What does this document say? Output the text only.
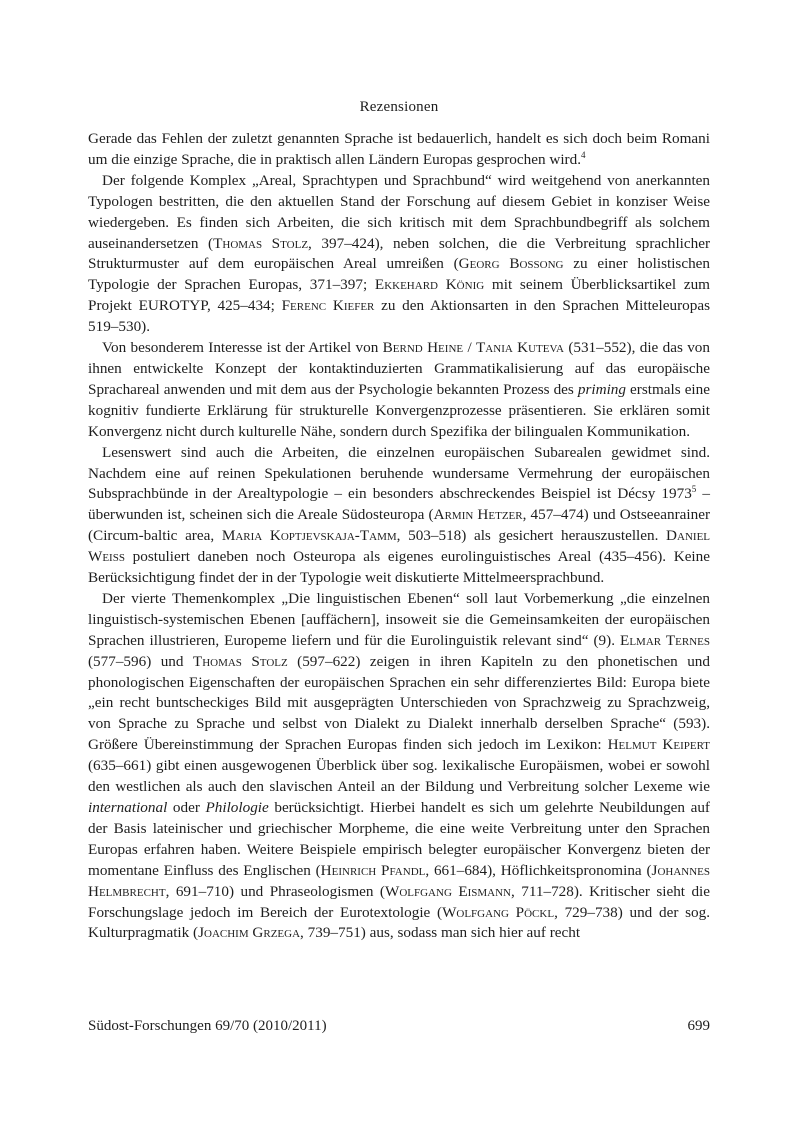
Rezensionen

Gerade das Fehlen der zuletzt genannten Sprache ist bedauerlich, handelt es sich doch beim Romani um die einzige Sprache, die in praktisch allen Ländern Europas gesprochen wird.$^4$

Der folgende Komplex „Areal, Sprachtypen und Sprachbund“ wird weitgehend von anerkannten Typologen bestritten, die den aktuellen Stand der Forschung auf diesem Gebiet in konziser Weise wiedergeben. Es finden sich Arbeiten, die sich kritisch mit dem Sprachbundbegriff als solchem auseinandersetzen (Thomas Stolz, 397–424), neben solchen, die die Verbreitung sprachlicher Strukturmuster auf dem europäischen Areal umreißen (Georg Bossong zu einer holistischen Typologie der Sprachen Europas, 371–397; Ekkehard König mit seinem Überblicksartikel zum Projekt EUROTYP, 425–434; Ferenc Kiefer zu den Aktionsarten in den Sprachen Mitteleuropas 519–530).

Von besonderem Interesse ist der Artikel von Bernd Heine / Tania Kuteva (531–552), die das von ihnen entwickelte Konzept der kontaktinduzierten Grammatikalisierung auf das europäische Sprachareal anwenden und mit dem aus der Psychologie bekannten Prozess des priming erstmals eine kognitiv fundierte Erklärung für strukturelle Konvergenzprozesse präsentieren. Sie erklären somit Konvergenz nicht durch kulturelle Nähe, sondern durch Spezifika der bilingualen Kommunikation.

Lesenswert sind auch die Arbeiten, die einzelnen europäischen Subarealen gewidmet sind. Nachdem eine auf reinen Spekulationen beruhende wundersame Vermehrung der europäischen Subsprachbünde in der Arealtypologie – ein besonders abschreckendes Beispiel ist Décsy 1973$^5$ – überwunden ist, scheinen sich die Areale Südosteuropa (Armin Hetzer, 457–474) und Ostseeanrainer (Circum-baltic area, Maria Koptjevskaja-Tamm, 503–518) als gesichert herauszustellen. Daniel Weiss postuliert daneben noch Osteuropa als eigenes eurolinguistisches Areal (435–456). Keine Berücksichtigung findet der in der Typologie weit diskutierte Mittelmeersprachbund.

Der vierte Themenkomplex „Die linguistischen Ebenen“ soll laut Vorbemerkung „die einzelnen linguistisch-systemischen Ebenen [auffächern], insoweit sie die Gemeinsamkeiten der europäischen Sprachen illustrieren, Europeme liefern und für die Eurolinguistik relevant sind“ (9). Elmar Ternes (577–596) und Thomas Stolz (597–622) zeigen in ihren Kapiteln zu den phonetischen und phonologischen Eigenschaften der europäischen Sprachen ein sehr differenziertes Bild: Europa biete „ein recht buntscheckiges Bild mit ausgeprägten Unterschieden von Sprachzweig zu Sprachzweig, von Sprache zu Sprache und selbst von Dialekt zu Dialekt innerhalb derselben Sprache“ (593). Größere Übereinstimmung der Sprachen Europas finden sich jedoch im Lexikon: Helmut Keipert (635–661) gibt einen ausgewogenen Überblick über sog. lexikalische Europäismen, wobei er sowohl den westlichen als auch den slavischen Anteil an der Bildung und Verbreitung solcher Lexeme wie international oder Philologie berücksichtigt. Hierbei handelt es sich um gelehrte Neubildungen auf der Basis lateinischer und griechischer Morpheme, die eine weite Verbreitung unter den Sprachen Europas erfahren haben. Weitere Beispiele empirisch belegter europäischer Konvergenz bieten der momentane Einfluss des Englischen (Heinrich Pfandl, 661–684), Höflichkeitspronomina (Johannes Helmbrecht, 691–710) und Phraseologismen (Wolfgang Eismann, 711–728). Kritischer sieht die Forschungslage jedoch im Bereich der Eurotextologie (Wolfgang Pöckl, 729–738) und der sog. Kulturpragmatik (Joachim Grzega, 739–751) aus, sodass man sich hier auf recht

Südost-Forschungen 69/70 (2010/2011)	699
